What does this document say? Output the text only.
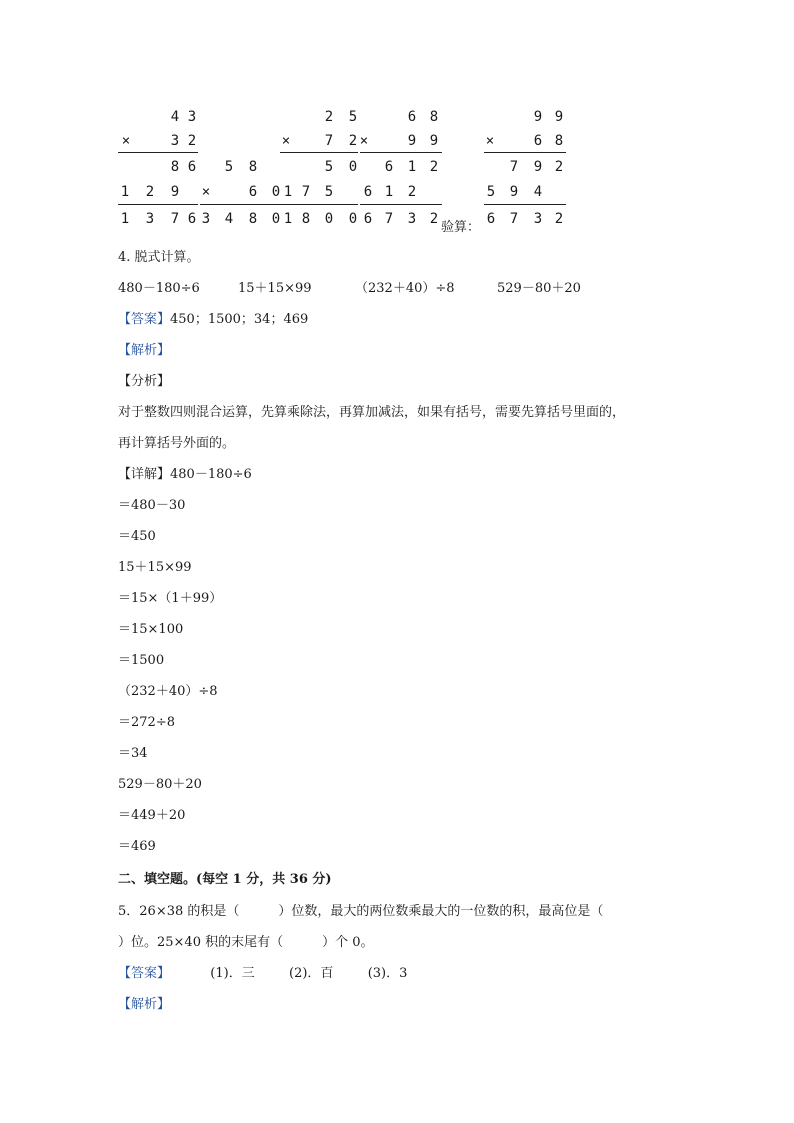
4 3
×	3 2
8 6
1 2 9
1 3 7 6
5 8
×	6 0
3 4 8 0
2 5
× 7 2
5 0
1 7 5
1 8 0 0
6 8
×	9 9
6 1 2
6 1 2
6 7 3 2
验算：
9 9
×	6 8
7 9 2
5 9 4
6 7 3 2
4. 脱式计算。
480－180÷6	15＋15×99	（232＋40）÷8	529－80＋20
【答案】450；1500；34；469
【解析】
【分析】
对于整数四则混合运算，先算乘除法，再算加减法，如果有括号，需要先算括号里面的，
再计算括号外面的。
【详解】480－180÷6
＝480－30
＝450
15＋15×99
＝15×（1＋99）
＝15×100
＝1500
（232＋40）÷8
＝272÷8
＝34
529－80＋20
＝449＋20
＝469
二、填空题。(每空 1 分，共 36 分)
5．26×38 的积是（　　　）位数，最大的两位数乘最大的一位数的积，最高位是（
）位。25×40 积的末尾有（　　　）个 0。
【答案】	(1)．三	(2)．百	(3)．3
【解析】
